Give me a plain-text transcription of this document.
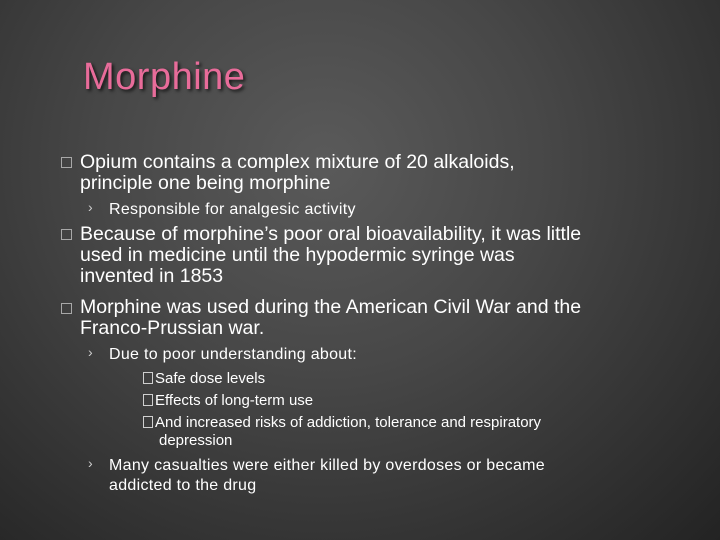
Morphine
Opium contains a complex mixture of 20 alkaloids,
principle one being morphine
› Responsible for analgesic activity
Because of morphine’s poor oral bioavailability, it was little
used in medicine until the hypodermic syringe was
invented in 1853
Morphine was used during the American Civil War and the
Franco-Prussian war.
› Due to poor understanding about:
Safe dose levels
Effects of long-term use
And increased risks of addiction, tolerance and respiratory
depression
› Many casualties were either killed by overdoses or became
addicted to the drug
